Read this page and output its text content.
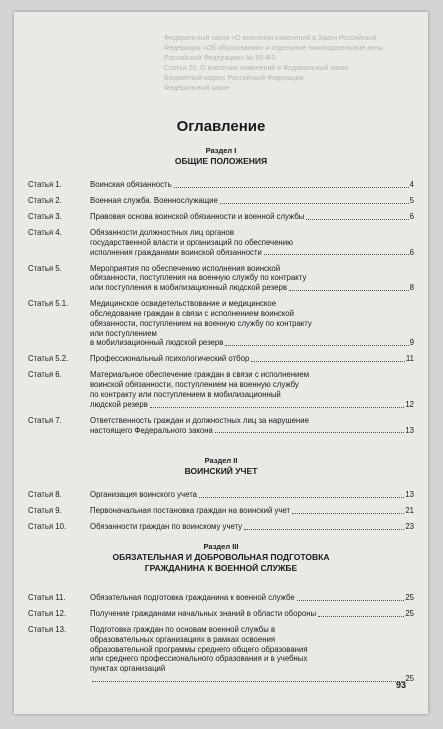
Федеральный закон «О внесении изменений в Закон Российской Федерации «Об образовании» и отдельные законодательные акты Российской Федерации» № 65-ФЗ
Статья 20. О внесении изменений в Федеральный закон
Бюджетный кодекс Российской Федерации
Федеральный закон
Оглавление
Раздел I
ОБЩИЕ ПОЛОЖЕНИЯ
Раздел II
ВОИНСКИЙ УЧЕТ
Раздел III
ОБЯЗАТЕЛЬНАЯ И ДОБРОВОЛЬНАЯ ПОДГОТОВКА ГРАЖДАНИНА К ВОЕННОЙ СЛУЖБЕ
93
Статья 1.	Воинская обязанность	4
Статья 2.	Военная служба. Военнослужащие	5
Статья 3.	Правовая основа воинской обязанности и военной службы	6
Статья 4.	Обязанности должностных лиц органов
государственной власти и организаций по обеспечению
исполнения гражданами воинской обязанности	6
Статья 5.	Мероприятия по обеспечению исполнения воинской
обязанности, поступления на военную службу по контракту
или поступления в мобилизационный людской резерв	8
Статья 5.1.	Медицинское освидетельствование и медицинское
обследование граждан в связи с исполнением воинской
обязанности, поступлением на военную службу по контракту
или поступлением
в мобилизационный людской резерв	9
Статья 5.2.	Профессиональный психологический отбор	11
Статья 6.	Материальное обеспечение граждан в связи с исполнением
воинской обязанности, поступлением на военную службу
по контракту или поступлением в мобилизационный
людской резерв	12
Статья 7.	Ответственность граждан и должностных лиц за нарушение
настоящего Федерального закона	13
Статья 8.	Организация воинского учета	13
Статья 9.	Первоначальная постановка граждан на воинский учет	21
Статья 10.	Обязанности граждан по воинскому учету	23
Статья 11.	Обязательная подготовка гражданина к военной службе	25
Статья 12.	Получение гражданами начальных знаний в области обороны	25
Статья 13.	Подготовка граждан по основам военной службы в
образовательных организациях в рамках освоения
образовательной программы среднего общего образования
или среднего профессионального образования и в учебных
пунктах организаций
25
